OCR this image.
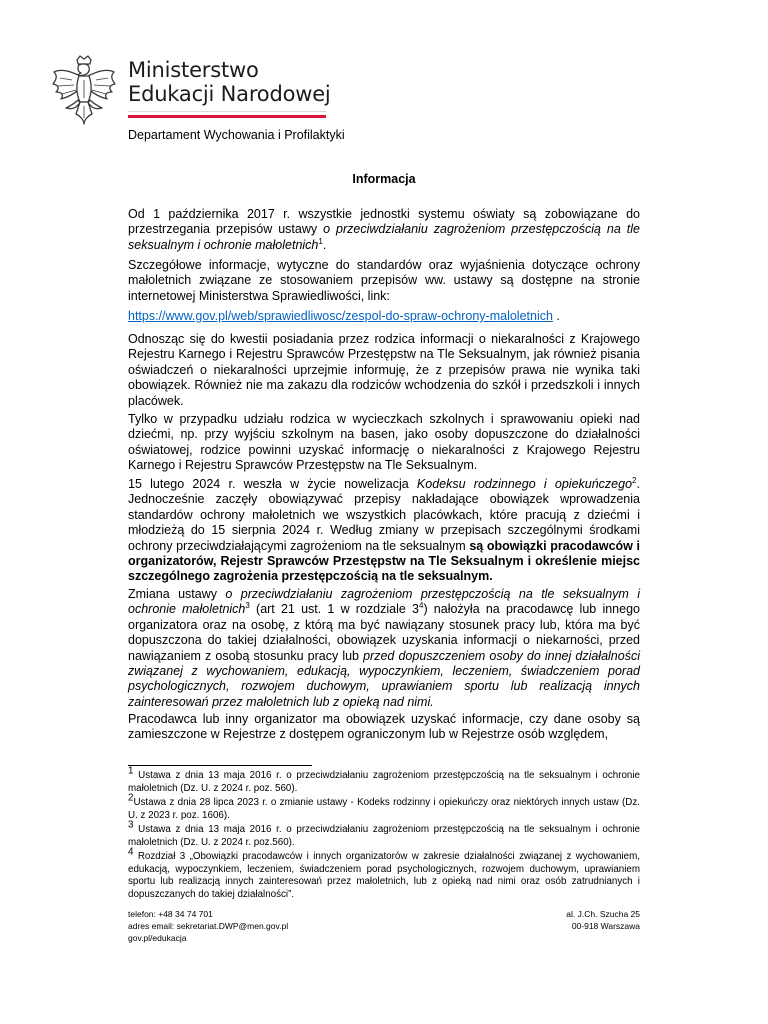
Ministerstwo
Edukacji Narodowej
Departament Wychowania i Profilaktyki
Informacja
Od 1 października 2017 r. wszystkie jednostki systemu oświaty są zobowiązane do przestrzegania przepisów ustawy o przeciwdziałaniu zagrożeniom przestępczością na tle seksualnym i ochronie małoletnich$^1$.
Szczegółowe informacje, wytyczne do standardów oraz wyjaśnienia dotyczące ochrony małoletnich związane ze stosowaniem przepisów ww. ustawy są dostępne na stronie internetowej Ministerstwa Sprawiedliwości, link:
https://www.gov.pl/web/sprawiedliwosc/zespol-do-spraw-ochrony-maloletnich .
Odnosząc się do kwestii posiadania przez rodzica informacji o niekaralności z Krajowego Rejestru Karnego i Rejestru Sprawców Przestępstw na Tle Seksualnym, jak również pisania oświadczeń o niekaralności uprzejmie informuję, że z przepisów prawa nie wynika taki obowiązek. Również nie ma zakazu dla rodziców wchodzenia do szkół i przedszkoli i innych placówek.
Tylko w przypadku udziału rodzica w wycieczkach szkolnych i sprawowaniu opieki nad dziećmi, np. przy wyjściu szkolnym na basen, jako osoby dopuszczone do działalności oświatowej, rodzice powinni uzyskać informację o niekaralności z Krajowego Rejestru Karnego i Rejestru Sprawców Przestępstw na Tle Seksualnym.
15 lutego 2024 r. weszła w życie nowelizacja Kodeksu rodzinnego i opiekuńczego$^2$. Jednocześnie zaczęły obowiązywać przepisy nakładające obowiązek wprowadzenia standardów ochrony małoletnich we wszystkich placówkach, które pracują z dziećmi i młodzieżą do 15 sierpnia 2024 r. Według zmiany w przepisach szczególnymi środkami ochrony przeciwdziałającymi zagrożeniom na tle seksualnym są obowiązki pracodawców i organizatorów, Rejestr Sprawców Przestępstw na Tle Seksualnym i określenie miejsc szczególnego zagrożenia przestępczością na tle seksualnym.
Zmiana ustawy o przeciwdziałaniu zagrożeniom przestępczością na tle seksualnym i ochronie małoletnich$^3$ (art 21 ust. 1 w rozdziale $3^4$) nałożyła na pracodawcę lub innego organizatora oraz na osobę, z którą ma być nawiązany stosunek pracy lub, która ma być dopuszczona do takiej działalności, obowiązek uzyskania informacji o niekarności, przed nawiązaniem z osobą stosunku pracy lub przed dopuszczeniem osoby do innej działalności związanej z wychowaniem, edukacją, wypoczynkiem, leczeniem, świadczeniem porad psychologicznych, rozwojem duchowym, uprawianiem sportu lub realizacją innych zainteresowań przez małoletnich lub z opieką nad nimi.
Pracodawca lub inny organizator ma obowiązek uzyskać informacje, czy dane osoby są zamieszczone w Rejestrze z dostępem ograniczonym lub w Rejestrze osób względem,
$^1$ Ustawa z dnia 13 maja 2016 r. o przeciwdziałaniu zagrożeniom przestępczością na tle seksualnym i ochronie małoletnich (Dz. U. z 2024 r. poz. 560).
$^2$Ustawa z dnia 28 lipca 2023 r. o zmianie ustawy - Kodeks rodzinny i opiekuńczy oraz niektórych innych ustaw (Dz. U. z 2023 r. poz. 1606).
$^3$ Ustawa z dnia 13 maja 2016 r. o przeciwdziałaniu zagrożeniom przestępczością na tle seksualnym i ochronie małoletnich (Dz. U. z 2024 r. poz.560).
$^4$ Rozdział 3 „Obowiązki pracodawców i innych organizatorów w zakresie działalności związanej z wychowaniem, edukacją, wypoczynkiem, leczeniem, świadczeniem porad psychologicznych, rozwojem duchowym, uprawianiem sportu lub realizacją innych zainteresowań przez małoletnich, lub z opieką nad nimi oraz osób zatrudnianych i dopuszczanych do takiej działalności”.
telefon: +48 34 74 701
adres email: sekretariat.DWP@men.gov.pl
gov.pl/edukacja
al. J.Ch. Szucha 25
00-918 Warszawa
